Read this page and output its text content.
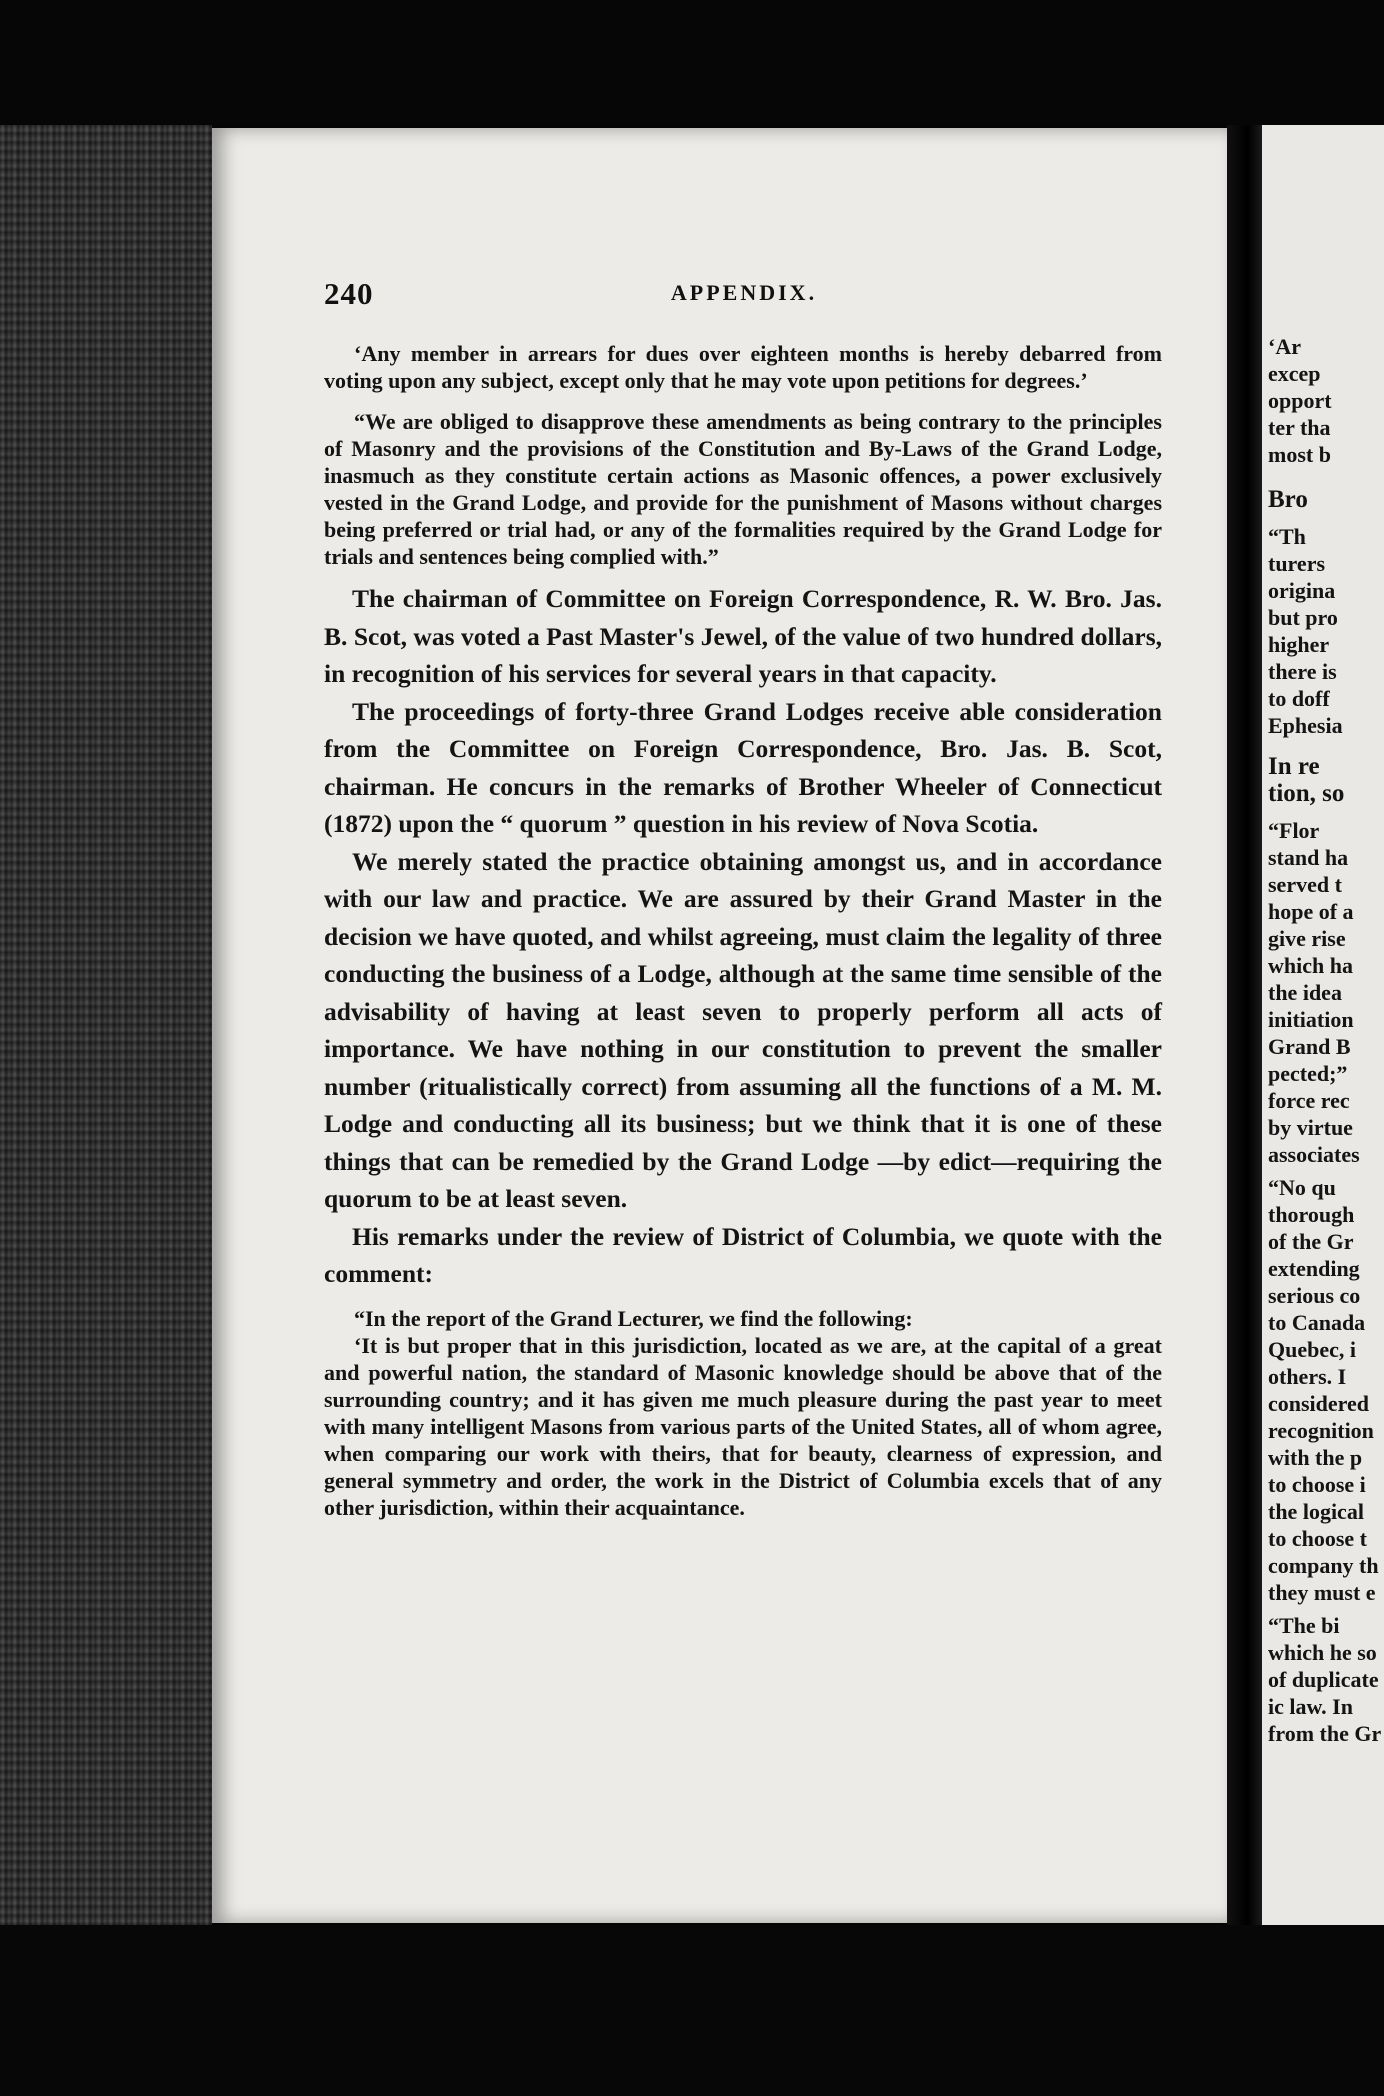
240	APPENDIX.

‘Any member in arrears for dues over eighteen months is hereby debarred from voting upon any subject, except only that he may vote upon petitions for degrees.’

“We are obliged to disapprove these amendments as being contrary to the principles of Masonry and the provisions of the Constitution and By-Laws of the Grand Lodge, inasmuch as they constitute certain actions as Masonic offences, a power exclusively vested in the Grand Lodge, and provide for the punishment of Masons without charges being preferred or trial had, or any of the formalities required by the Grand Lodge for trials and sentences being complied with.”

The chairman of Committee on Foreign Correspondence, R. W. Bro. Jas. B. Scot, was voted a Past Master's Jewel, of the value of two hundred dollars, in recognition of his services for several years in that capacity.

The proceedings of forty-three Grand Lodges receive able consideration from the Committee on Foreign Correspondence, Bro. Jas. B. Scot, chairman. He concurs in the remarks of Brother Wheeler of Connecticut (1872) upon the “ quorum ” question in his review of Nova Scotia.

We merely stated the practice obtaining amongst us, and in accordance with our law and practice. We are assured by their Grand Master in the decision we have quoted, and whilst agreeing, must claim the legality of three conducting the business of a Lodge, although at the same time sensible of the advisability of having at least seven to properly perform all acts of importance. We have nothing in our constitution to prevent the smaller number (ritualistically correct) from assuming all the functions of a M. M. Lodge and conducting all its business; but we think that it is one of these things that can be remedied by the Grand Lodge —by edict—requiring the quorum to be at least seven.

His remarks under the review of District of Columbia, we quote with the comment:

“In the report of the Grand Lecturer, we find the following:

‘It is but proper that in this jurisdiction, located as we are, at the capital of a great and powerful nation, the standard of Masonic knowledge should be above that of the surrounding country; and it has given me much pleasure during the past year to meet with many intelligent Masons from various parts of the United States, all of whom agree, when comparing our work with theirs, that for beauty, clearness of expression, and general symmetry and order, the work in the District of Columbia excels that of any other jurisdiction, within their acquaintance.

‘Ar
excep
opport
ter tha
most b
Bro
“Th
turers
origina
but pro
higher
there is
to doff
Ephesia
In re
tion, so
“Flor
stand ha
served t
hope of a
give rise
which ha
the idea
initiation
Grand B
pected;”
force rec
by virtue
associates
“No qu
thorough
of the Gr
extending
serious co
to Canada
Quebec, i
others. I
considered
recognition
with the p
to choose i
the logical
to choose t
company th
they must e
“The bi
which he so
of duplicate
ic law. In
from the Gr
